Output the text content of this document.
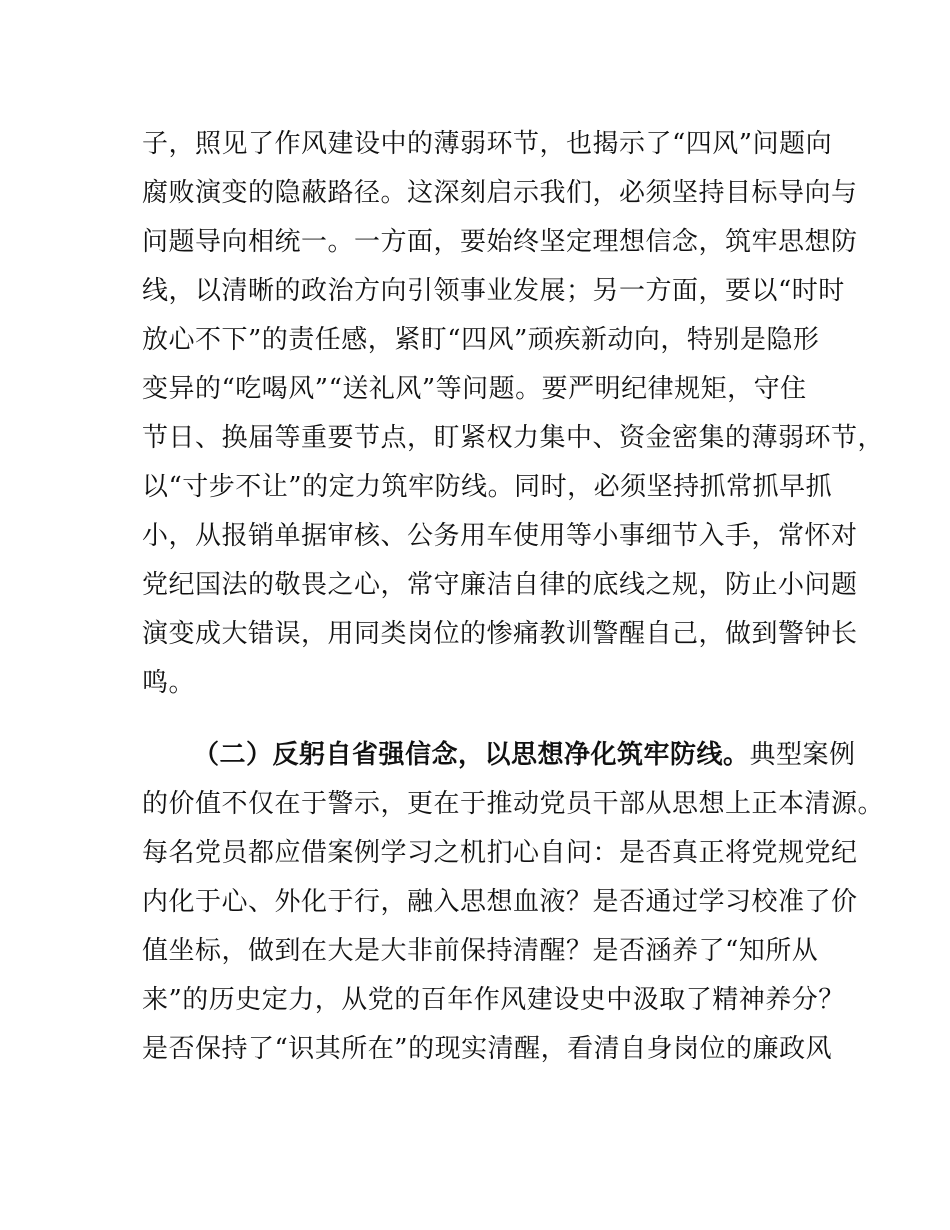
子，照见了作风建设中的薄弱环节，也揭示了“四风”问题向
腐败演变的隐蔽路径。这深刻启示我们，必须坚持目标导向与
问题导向相统一。一方面，要始终坚定理想信念，筑牢思想防
线，以清晰的政治方向引领事业发展；另一方面，要以“时时
放心不下”的责任感，紧盯“四风”顽疾新动向，特别是隐形
变异的“吃喝风”“送礼风”等问题。要严明纪律规矩，守住
节日、换届等重要节点，盯紧权力集中、资金密集的薄弱环节，
以“寸步不让”的定力筑牢防线。同时，必须坚持抓常抓早抓
小，从报销单据审核、公务用车使用等小事细节入手，常怀对
党纪国法的敬畏之心，常守廉洁自律的底线之规，防止小问题
演变成大错误，用同类岗位的惨痛教训警醒自己，做到警钟长
鸣。
（二）反躬自省强信念，以思想净化筑牢防线。典型案例
的价值不仅在于警示，更在于推动党员干部从思想上正本清源。
每名党员都应借案例学习之机扪心自问：是否真正将党规党纪
内化于心、外化于行，融入思想血液？是否通过学习校准了价
值坐标，做到在大是大非前保持清醒？是否涵养了“知所从
来”的历史定力，从党的百年作风建设史中汲取了精神养分？
是否保持了“识其所在”的现实清醒，看清自身岗位的廉政风
